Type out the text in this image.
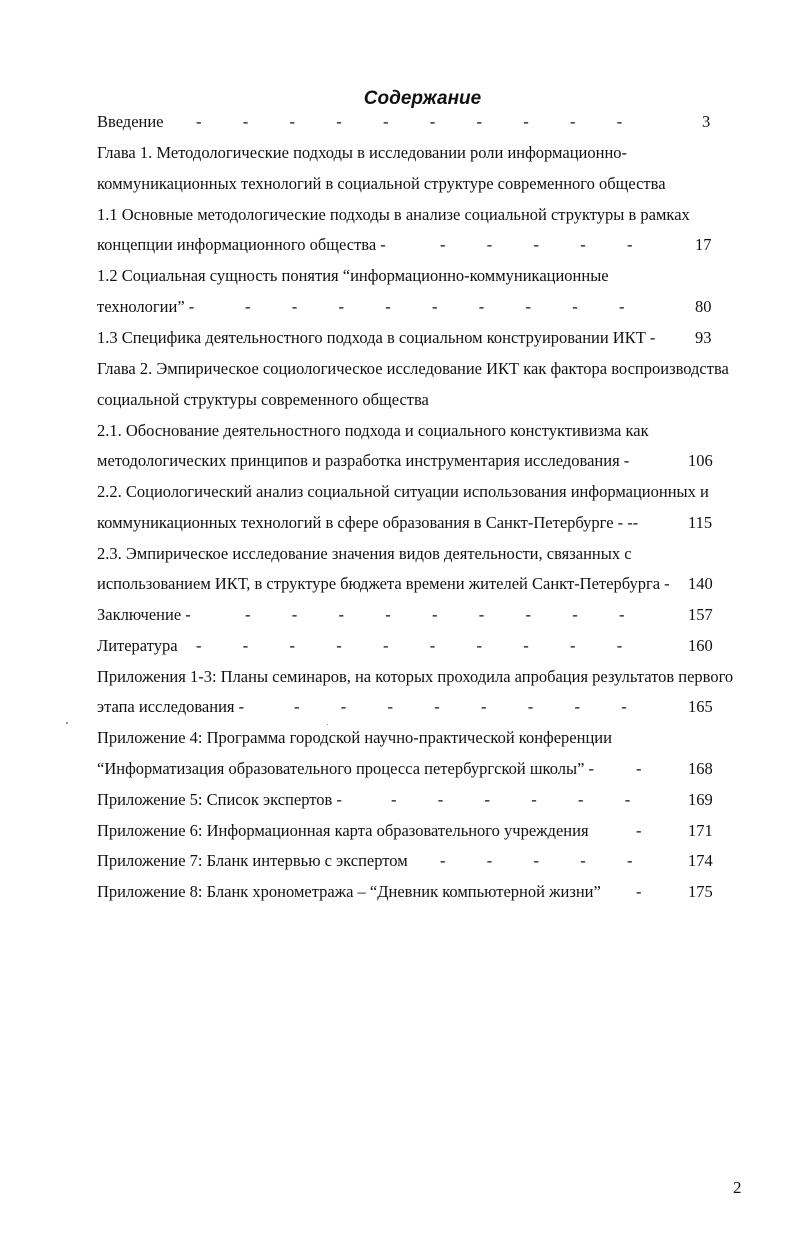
Содержание
Введение -          -          -          -          -          -          -          -          -          -	3
Глава 1. Методологические подходы в исследовании роли информационно-
коммуникационных технологий в социальной структуре современного общества
1.1 Основные методологические подходы в анализе социальной структуры в рамках
концепции информационного общества -	-          -          -          -          -	17
1.2 Социальная сущность понятия “информационно-коммуникационные
технологии” -	-          -          -          -          -          -          -          -          -	80
1.3 Специфика деятельностного подхода в социальном конструировании ИКТ - 93
Глава 2. Эмпирическое социологическое исследование ИКТ как фактора воспроизводства
социальной структуры современного общества
2.1. Обоснование деятельностного подхода и социального констуктивизма как
методологических принципов и разработка инструментария исследования -	106
2.2. Социологический анализ социальной ситуации использования информационных и
коммуникационных технологий в сфере образования в Санкт-Петербурге - --	115
2.3. Эмпирическое исследование значения видов деятельности, связанных с
использованием ИКТ, в структуре бюджета времени жителей Санкт-Петербурга - 140
Заключение -	-          -          -          -          -          -          -          -          -	157
Литература -          -          -          -          -          -          -          -          -          -	160
Приложения 1-3: Планы семинаров, на которых проходила апробация результатов первого
этапа исследования -	-          -          -          -          -          -          -          -	165
Приложение 4: Программа городской научно-практической конференции
“Информатизация образовательного процесса петербургской школы” -	-	168
Приложение 5: Список экспертов -	-          -          -          -          -          -	169
Приложение 6: Информационная карта образовательного учреждения	-	171
Приложение 7: Бланк интервью с экспертом -          -          -          -          -	174
Приложение 8: Бланк хронометража – “Дневник компьютерной жизни” -	175
2
